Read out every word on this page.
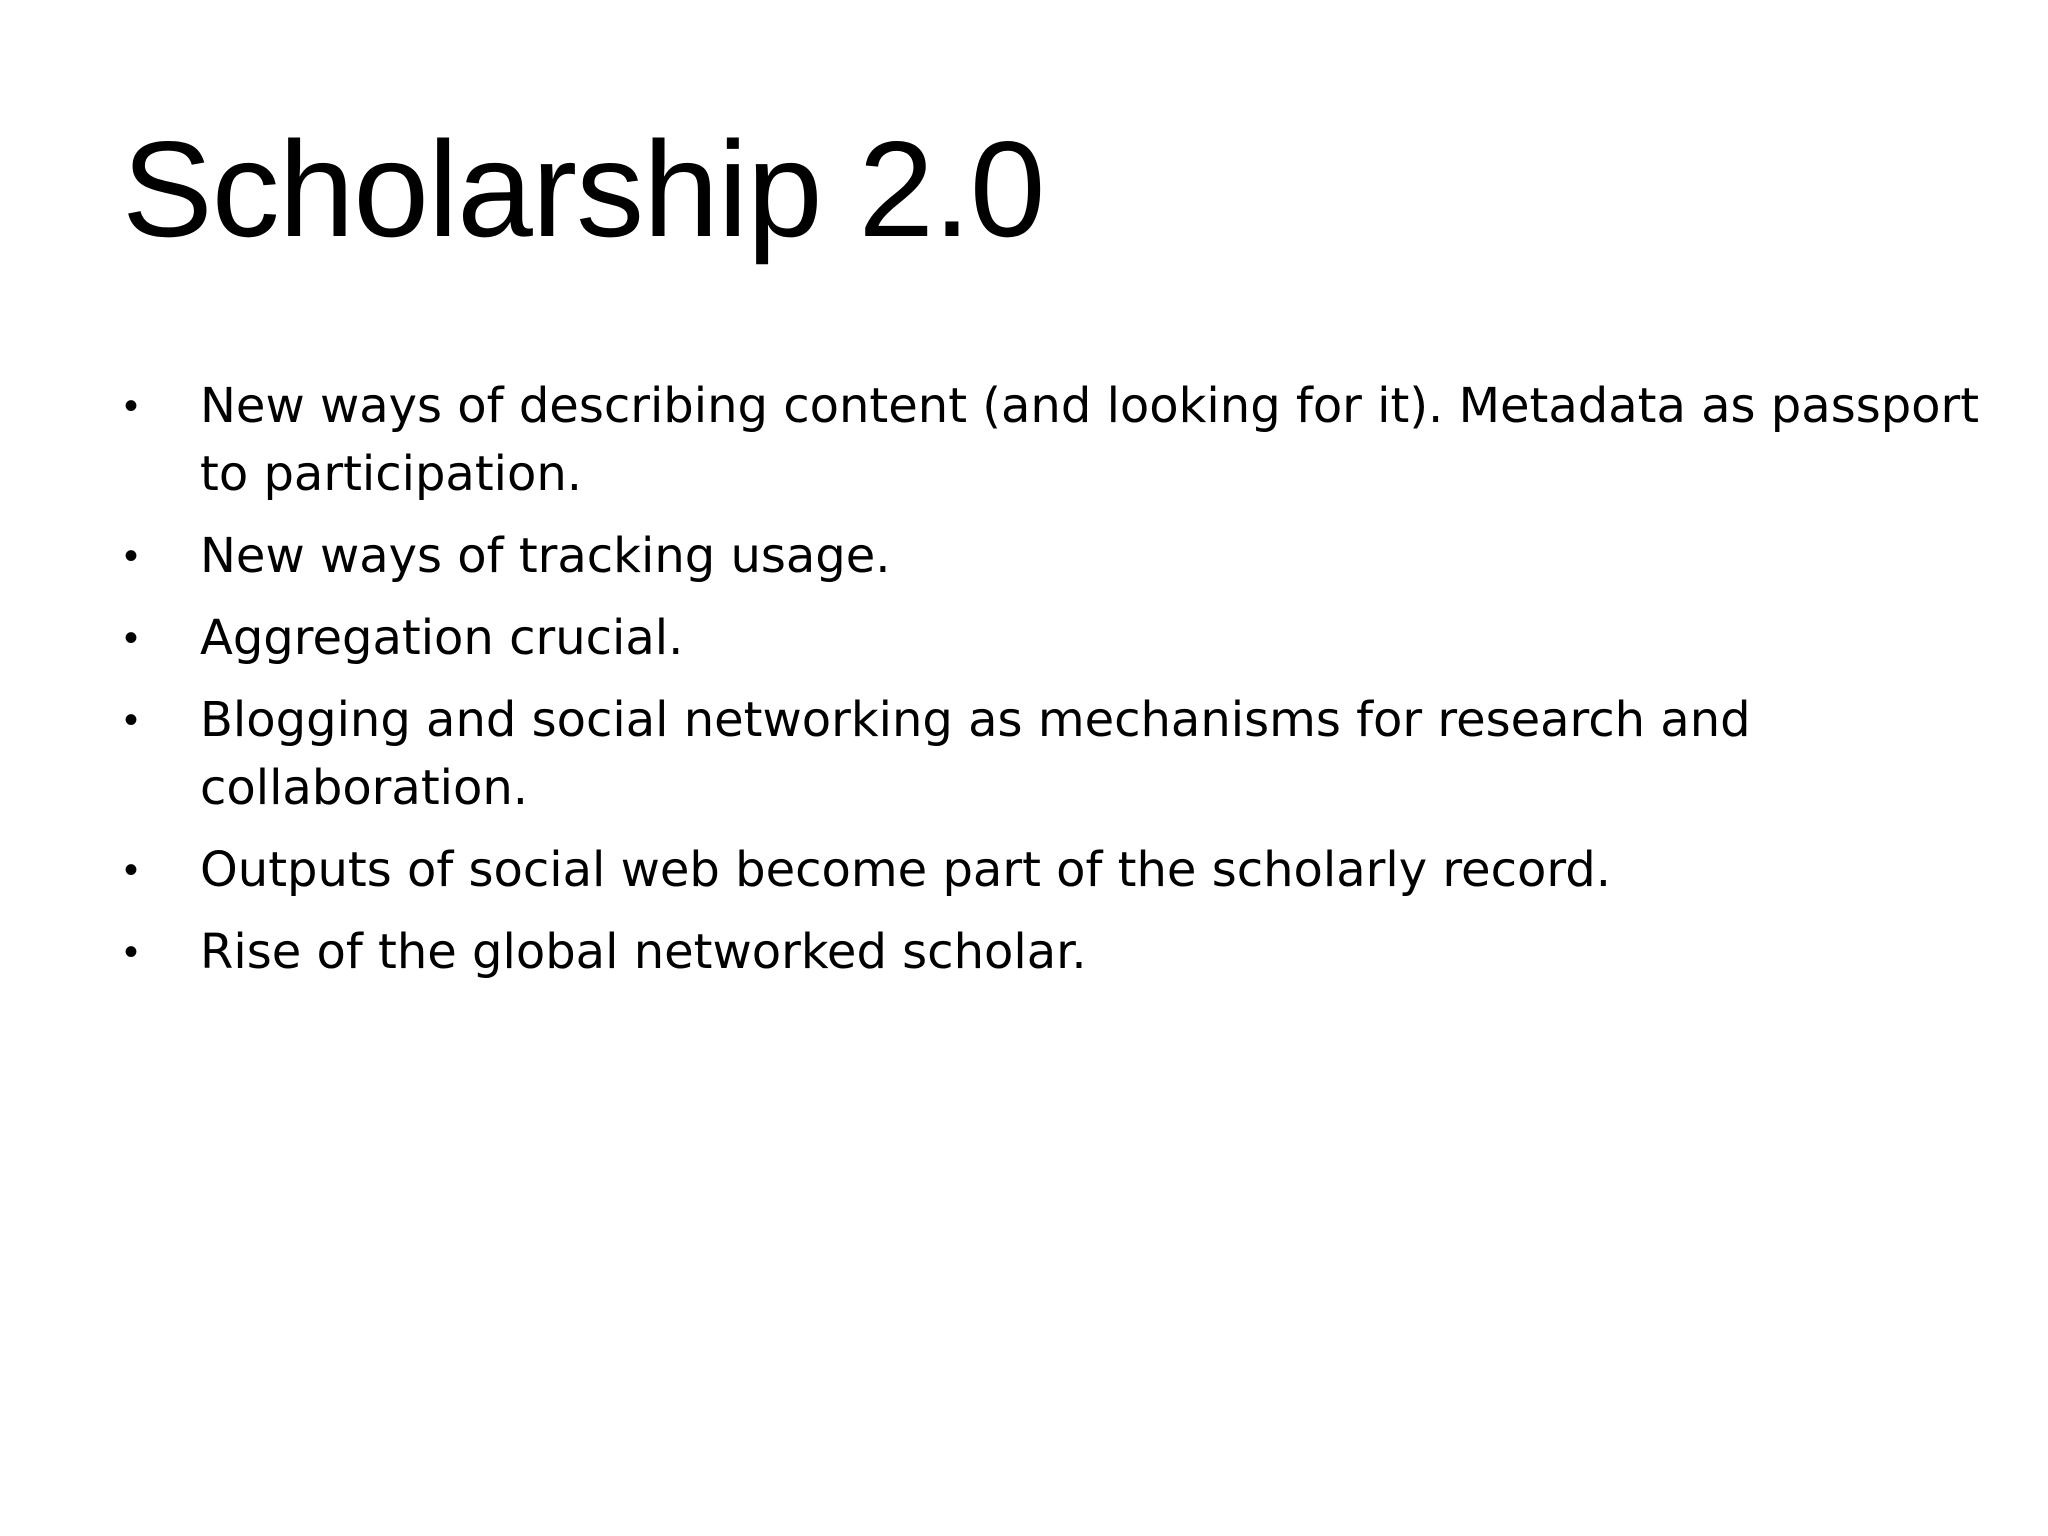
Scholarship 2.0
• New ways of describing content (and looking for it). Metadata as passport to participation.
• New ways of tracking usage.
• Aggregation crucial.
• Blogging and social networking as mechanisms for research and collaboration.
• Outputs of social web become part of the scholarly record.
• Rise of the global networked scholar.
